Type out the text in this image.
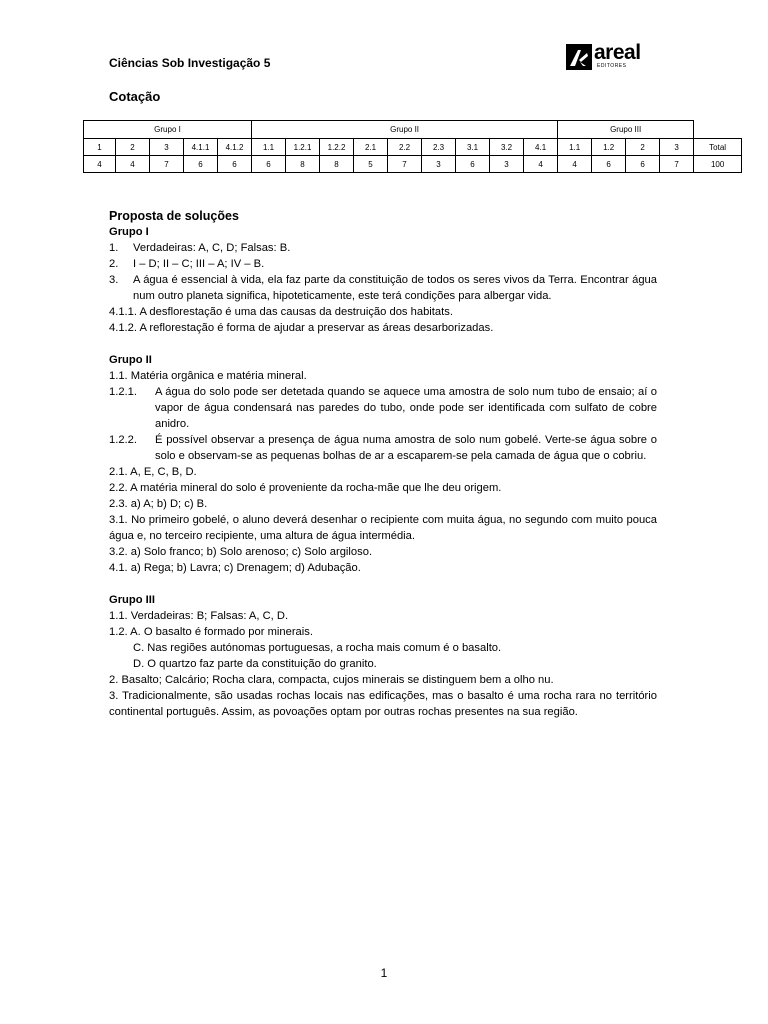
Ciências Sob Investigação 5	areal
EDITORES
Cotação
Grupo I					Grupo II									Grupo III				
1	2	3	4.1.1	4.1.2	1.1	1.2.1	1.2.2	2.1	2.2	2.3	3.1	3.2	4.1	1.1	1.2	2	3	Total
4	4	7	6	6	6	8	8	5	7	3	6	3	4	4	6	6	7	100

Proposta de soluções

Grupo I

1.	Verdadeiras: A, C, D; Falsas: B.
2.	I – D; II – C; III – A; IV – B.
3.	A água é essencial à vida, ela faz parte da constituição de todos os seres vivos da Terra. Encontrar água num outro planeta significa, hipoteticamente, este terá condições para albergar vida.

4.1.1. A desflorestação é uma das causas da destruição dos habitats.

4.1.2. A reflorestação é forma de ajudar a preservar as áreas desarborizadas.

Grupo II

1.1. Matéria orgânica e matéria mineral.

1.2.1.	A água do solo pode ser detetada quando se aquece uma amostra de solo num tubo de ensaio; aí o vapor de água condensará nas paredes do tubo, onde pode ser identificada com sulfato de cobre anidro.
1.2.2.	É possível observar a presença de água numa amostra de solo num gobelé. Verte-se água sobre o solo e observam-se as pequenas bolhas de ar a escaparem-se pela camada de água que o cobriu.

2.1. A, E, C, B, D.

2.2. A matéria mineral do solo é proveniente da rocha-mãe que lhe deu origem.

2.3. a) A; b) D; c) B.

3.1. No primeiro gobelé, o aluno deverá desenhar o recipiente com muita água, no segundo com muito pouca água e, no terceiro recipiente, uma altura de água intermédia.

3.2. a) Solo franco; b) Solo arenoso; c) Solo argiloso.

4.1. a) Rega; b) Lavra; c) Drenagem; d) Adubação.

Grupo III

1.1. Verdadeiras: B; Falsas: A, C, D.

1.2. A. O basalto é formado por minerais.

C. Nas regiões autónomas portuguesas, a rocha mais comum é o basalto.

D. O quartzo faz parte da constituição do granito.

2. Basalto; Calcário; Rocha clara, compacta, cujos minerais se distinguem bem a olho nu.

3. Tradicionalmente, são usadas rochas locais nas edificações, mas o basalto é uma rocha rara no território continental português. Assim, as povoações optam por outras rochas presentes na sua região.

1
